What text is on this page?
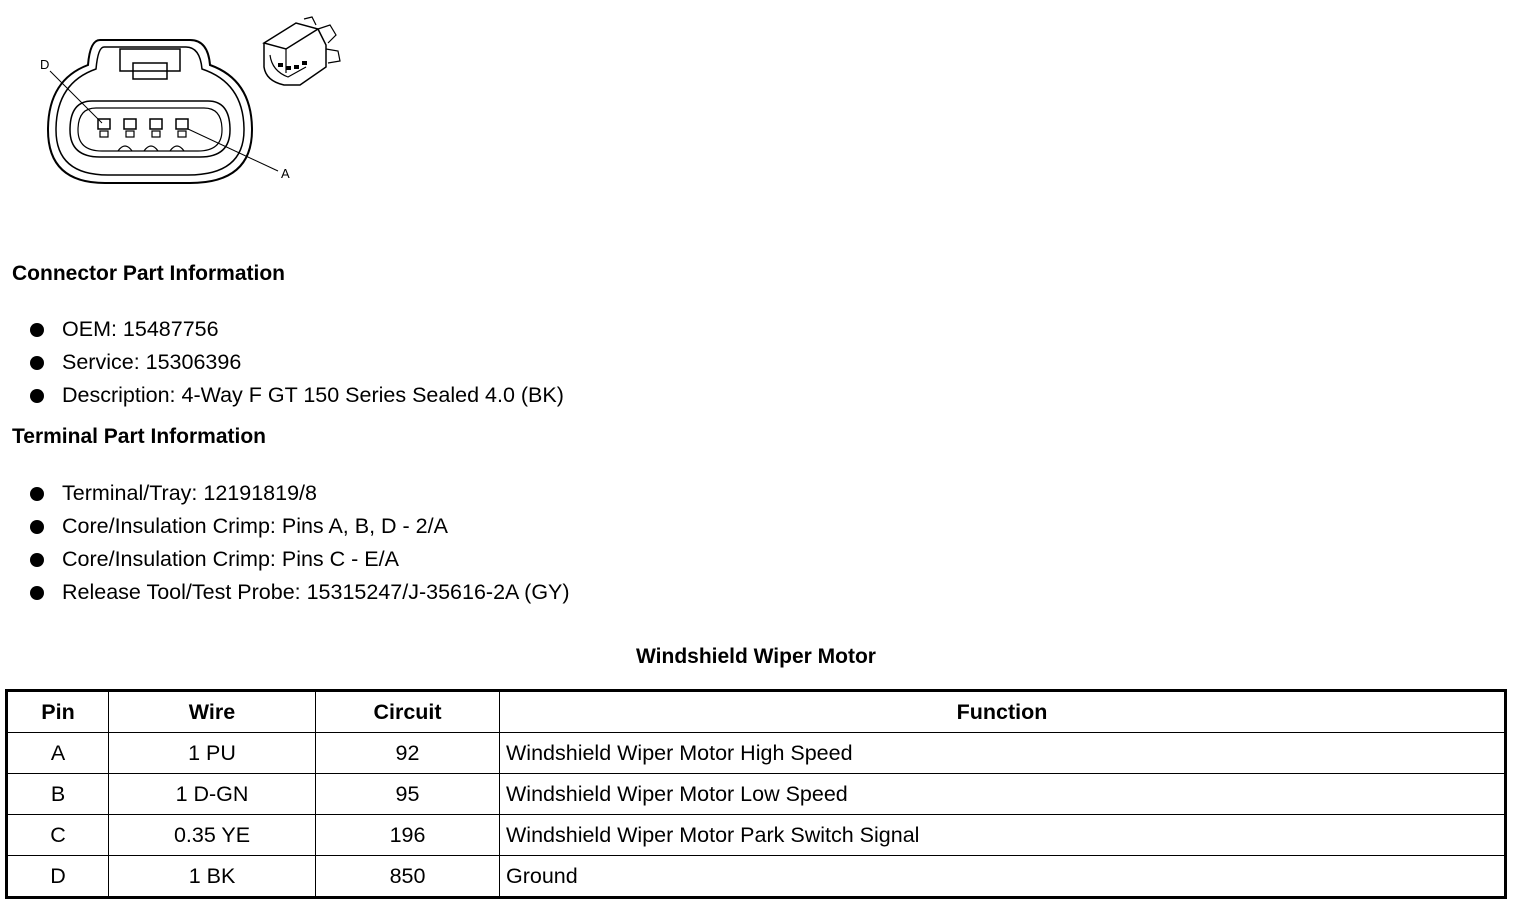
D
A
Connector Part Information
OEM: 15487756
Service: 15306396
Description: 4-Way F GT 150 Series Sealed 4.0 (BK)
Terminal Part Information
Terminal/Tray: 12191819/8
Core/Insulation Crimp: Pins A, B, D - 2/A
Core/Insulation Crimp: Pins C - E/A
Release Tool/Test Probe: 15315247/J-35616-2A (GY)
Windshield Wiper Motor
Pin	Wire	Circuit	Function
A	1 PU	92	Windshield Wiper Motor High Speed
B	1 D-GN	95	Windshield Wiper Motor Low Speed
C	0.35 YE	196	Windshield Wiper Motor Park Switch Signal
D	1 BK	850	Ground
